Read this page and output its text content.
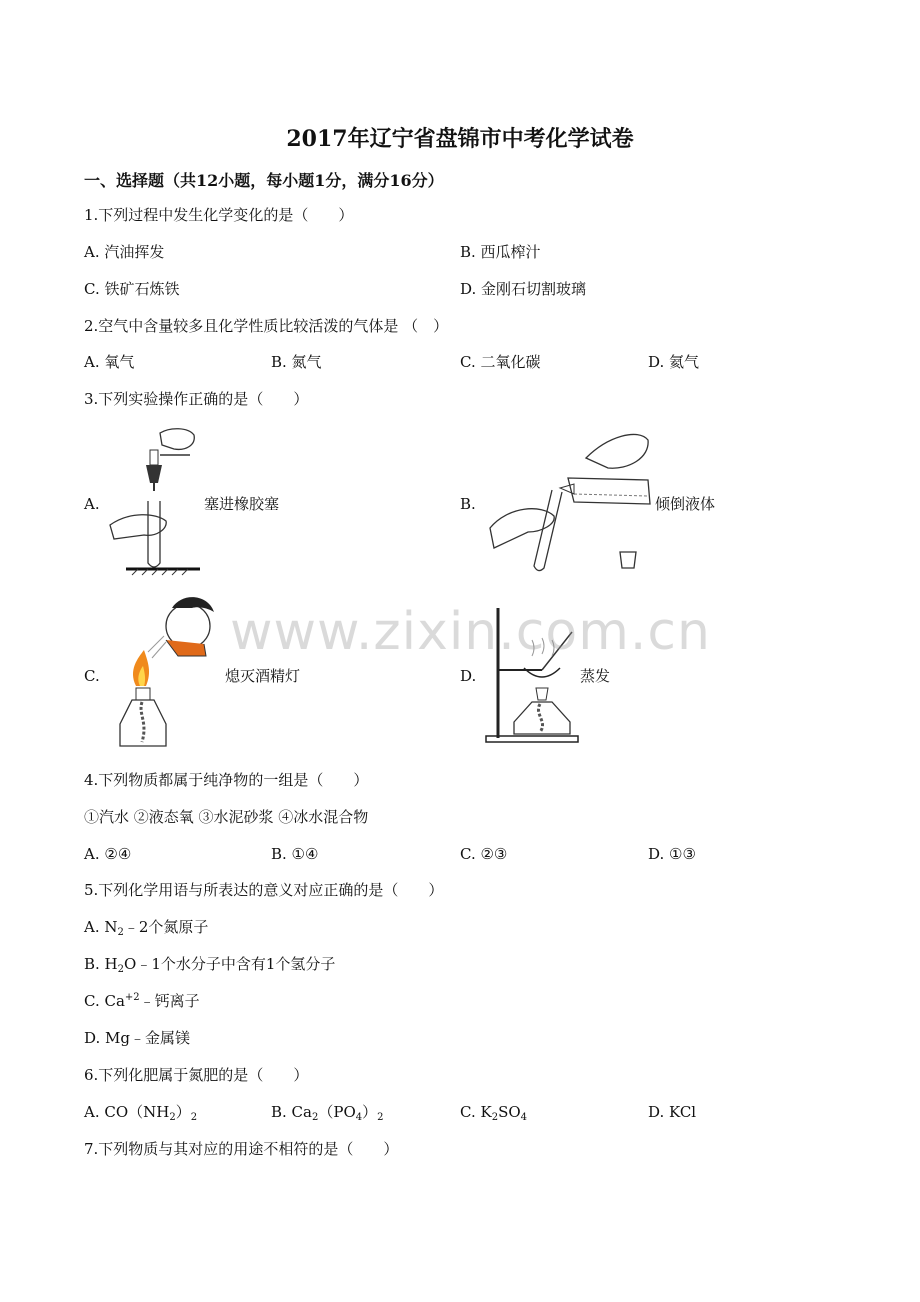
2017年辽宁省盘锦市中考化学试卷
一、选择题（共12小题，每小题1分，满分16分）
1.下列过程中发生化学变化的是（　　）
A. 汽油挥发	B. 西瓜榨汁
C. 铁矿石炼铁	D. 金刚石切割玻璃
2.空气中含量较多且化学性质比较活泼的气体是 （　）
A. 氧气	B. 氮气	C. 二氧化碳	D. 氦气
3.下列实验操作正确的是（　　）
A.	塞进橡胶塞	B.	倾倒液体
C.	熄灭酒精灯	D.	蒸发
www.zixin.com.cn
4.下列物质都属于纯净物的一组是（　　）
①汽水 ②液态氧 ③水泥砂浆 ④冰水混合物
A. ②④	B. ①④	C. ②③	D. ①③
5.下列化学用语与所表达的意义对应正确的是（　　）
A. $N_2﹣2$个氮原子
B. $H_2O﹣1$个水分子中含有1个氢分子
C. $Ca^{+2}﹣$钙离子
D. Mg﹣金属镁
6.下列化肥属于氮肥的是（　　）
A. $CO(NH_2)_2$	B. $Ca_2(PO_4)_2$	C. $K_2SO_4$	D. KCl
7.下列物质与其对应的用途不相符的是（　　）
